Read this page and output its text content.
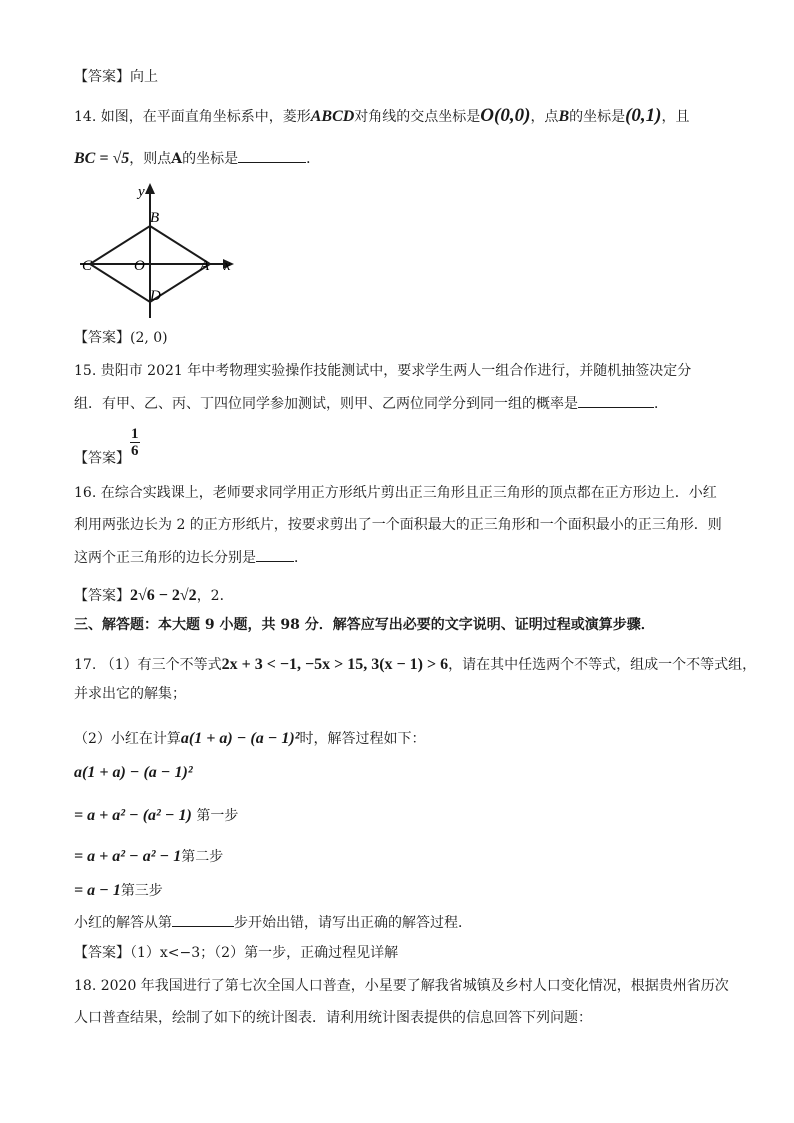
【答案】向上
14. 如图，在平面直角坐标系中，菱形ABCD对角线的交点坐标是O(0,0)，点B的坐标是(0,1)，且
BC = √5，则点A的坐标是	．
y
x
B
C	O	A
D
【答案】(2, 0)
15. 贵阳市 2021 年中考物理实验操作技能测试中，要求学生两人一组合作进行，并随机抽签决定分
组．有甲、乙、丙、丁四位同学参加测试，则甲、乙两位同学分到同一组的概率是	．
【答案】 $\frac{1}{6}$
16. 在综合实践课上，老师要求同学用正方形纸片剪出正三角形且正三角形的顶点都在正方形边上．小红
利用两张边长为 2 的正方形纸片，按要求剪出了一个面积最大的正三角形和一个面积最小的正三角形．则
这两个正三角形的边长分别是	．
【答案】2√6 − 2√2，2．
三、解答题：本大题 9 小题，共 98 分．解答应写出必要的文字说明、证明过程或演算步骤．
17. （1）有三个不等式2x + 3 < −1, −5x > 15, 3(x − 1) > 6，请在其中任选两个不等式，组成一个不等式组，
并求出它的解集；
（2）小红在计算a(1 + a) − (a − 1)²时，解答过程如下：
a(1 + a) − (a − 1)²
= a + a² − (a² − 1) 第一步
= a + a² − a² − 1第二步
= a − 1第三步
小红的解答从第	步开始出错，请写出正确的解答过程．
【答案】（1）x<−3；（2）第一步，正确过程见详解
18. 2020 年我国进行了第七次全国人口普查，小星要了解我省城镇及乡村人口变化情况，根据贵州省历次
人口普查结果，绘制了如下的统计图表．请利用统计图表提供的信息回答下列问题：
